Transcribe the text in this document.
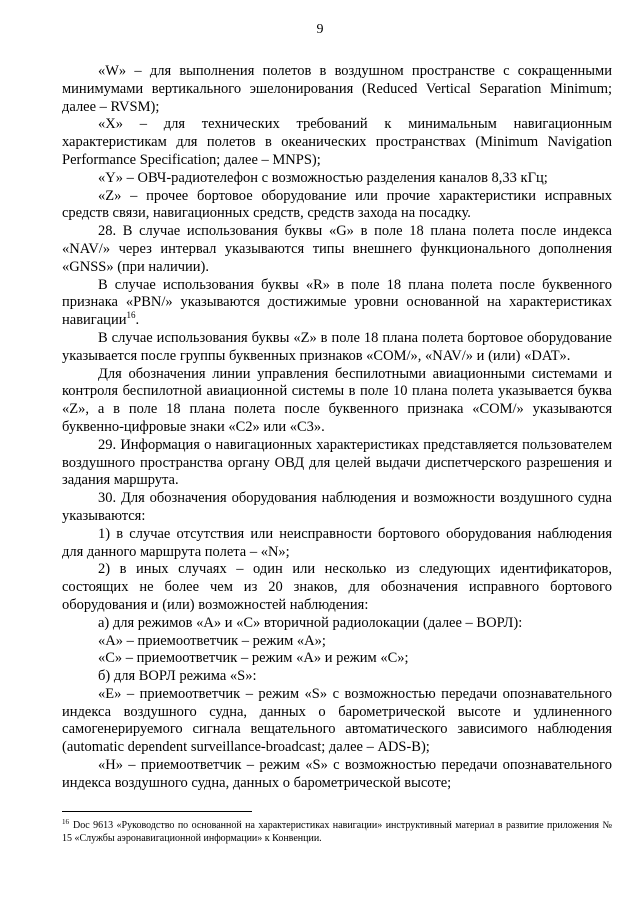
9

«W» – для выполнения полетов в воздушном пространстве с сокращенными минимумами вертикального эшелонирования (Reduced Vertical Separation Minimum; далее – RVSM);

«X» – для технических требований к минимальным навигационным характеристикам для полетов в океанических пространствах (Minimum Navigation Performance Specification; далее – MNPS);

«Y» – ОВЧ-радиотелефон с возможностью разделения каналов 8,33 кГц;

«Z» – прочее бортовое оборудование или прочие характеристики исправных средств связи, навигационных средств, средств захода на посадку.

28. В случае использования буквы «G» в поле 18 плана полета после индекса «NAV/» через интервал указываются типы внешнего функционального дополнения «GNSS» (при наличии).

В случае использования буквы «R» в поле 18 плана полета после буквенного признака «PBN/» указываются достижимые уровни основанной на характеристиках навигации$^{16}$.

В случае использования буквы «Z» в поле 18 плана полета бортовое оборудование указывается после группы буквенных признаков «COM/», «NAV/» и (или) «DAT».

Для обозначения линии управления беспилотными авиационными системами и контроля беспилотной авиационной системы в поле 10 плана полета указывается буква «Z», а в поле 18 плана полета после буквенного признака «COM/» указываются буквенно-цифровые знаки «C2» или «C3».

29. Информация о навигационных характеристиках представляется пользователем воздушного пространства органу ОВД для целей выдачи диспетчерского разрешения и задания маршрута.

30. Для обозначения оборудования наблюдения и возможности воздушного судна указываются:

1) в случае отсутствия или неисправности бортового оборудования наблюдения для данного маршрута полета – «N»;

2) в иных случаях – один или несколько из следующих идентификаторов, состоящих не более чем из 20 знаков, для обозначения исправного бортового оборудования и (или) возможностей наблюдения:

а) для режимов «A» и «C» вторичной радиолокации (далее – ВОРЛ):

«A» – приемоответчик – режим «A»;

«C» – приемоответчик – режим «A» и режим «C»;

б) для ВОРЛ режима «S»:

«E» – приемоответчик – режим «S» с возможностью передачи опознавательного индекса воздушного судна, данных о барометрической высоте и удлиненного самогенерируемого сигнала вещательного автоматического зависимого наблюдения (automatic dependent surveillance-broadcast; далее – ADS-B);

«H» – приемоответчик – режим «S» с возможностью передачи опознавательного индекса воздушного судна, данных о барометрической высоте;

$^{16}$ Doc 9613 «Руководство по основанной на характеристиках навигации» инструктивный материал в развитие приложения № 15 «Службы аэронавигационной информации» к Конвенции.
